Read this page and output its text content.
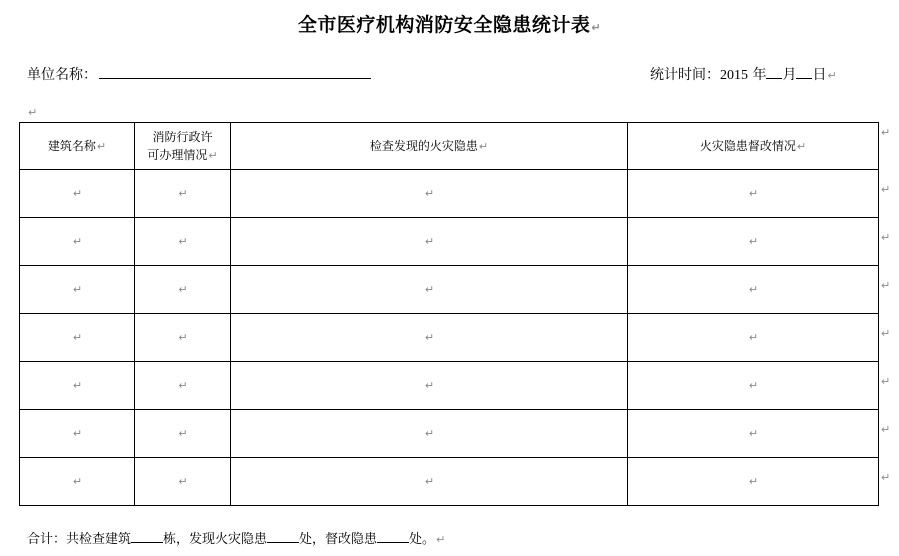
全市医疗机构消防安全隐患统计表↵
单位名称：	统计时间：2015 年 月 日↵
↵
建筑名称↵	消防行政许
可办理情况↵	检查发现的火灾隐患↵	火灾隐患督改情况↵
↵	↵	↵	↵
↵	↵	↵	↵
↵	↵	↵	↵
↵	↵	↵	↵
↵	↵	↵	↵
↵	↵	↵	↵
↵	↵	↵	↵
↵
↵
↵
↵
↵
↵
↵
↵
合计：共检查建筑 栋，发现火灾隐患 处，督改隐患 处。↵
